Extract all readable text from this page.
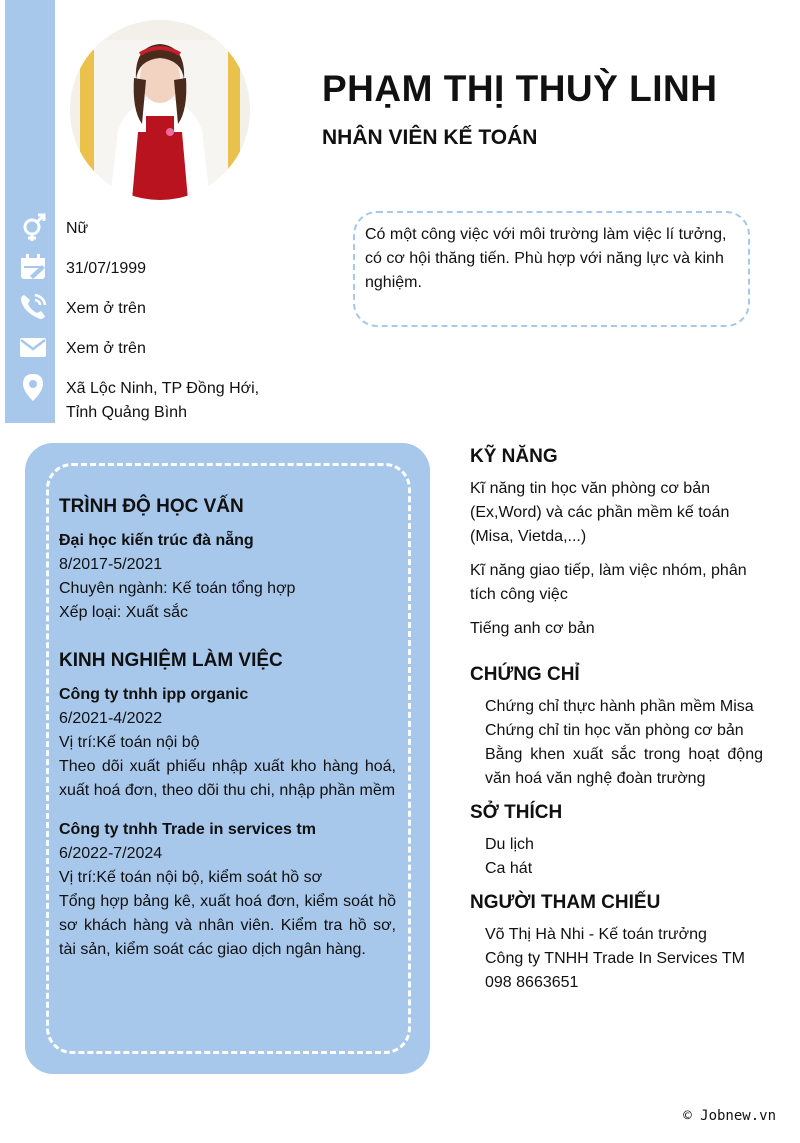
PHẠM THỊ THUỲ LINH
NHÂN VIÊN KẾ TOÁN
Nữ
31/07/1999
Xem ở trên
Xem ở trên
Xã Lộc Ninh, TP Đồng Hới,
Tỉnh Quảng Bình
Có một công việc với môi trường làm việc lí tưởng, có cơ hội thăng tiến. Phù hợp với năng lực và kinh nghiệm.
TRÌNH ĐỘ HỌC VẤN
Đại học kiến trúc đà nẵng
8/2017-5/2021
Chuyên ngành: Kế toán tổng hợp
Xếp loại: Xuất sắc
KINH NGHIỆM LÀM VIỆC
Công ty tnhh ipp organic
6/2021-4/2022
Vị trí:Kế toán nội bộ
Theo dõi xuất phiếu nhập xuất kho hàng hoá, xuất hoá đơn, theo dõi thu chi, nhập phần mềm
Công ty tnhh Trade in services tm
6/2022-7/2024
Vị trí:Kế toán nội bộ, kiểm soát hồ sơ
Tổng hợp bảng kê, xuất hoá đơn, kiểm soát hồ sơ khách hàng và nhân viên. Kiểm tra hồ sơ, tài sản, kiểm soát các giao dịch ngân hàng.
KỸ NĂNG
Kĩ năng tin học văn phòng cơ bản (Ex,Word) và các phần mềm kế toán (Misa, Vietda,...)
Kĩ năng giao tiếp, làm việc nhóm, phân tích công việc
Tiếng anh cơ bản
CHỨNG CHỈ
Chứng chỉ thực hành phần mềm Misa
Chứng chỉ tin học văn phòng cơ bản
Bằng khen xuất sắc trong hoạt động văn hoá văn nghệ đoàn trường
SỞ THÍCH
Du lịch
Ca hát
NGƯỜI THAM CHIẾU
Võ Thị Hà Nhi - Kế toán trưởng
Công ty TNHH Trade In Services TM
098 8663651
© Jobnew.vn
